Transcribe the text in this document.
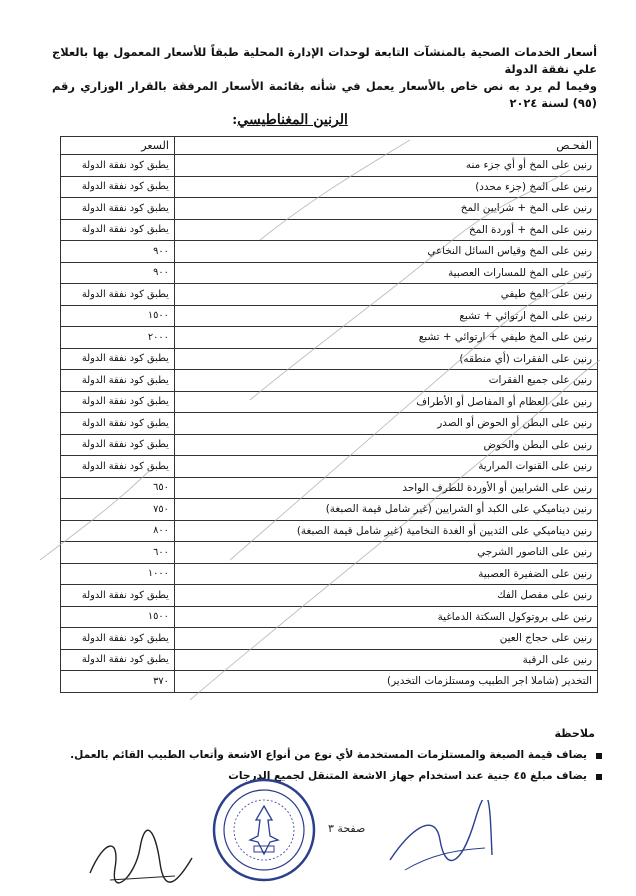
أسعار الخدمات الصحية بالمنشآت التابعة لوحدات الإدارة المحلية طبقاً للأسعار المعمول بها بالعلاج علي نفقة الدولة

وفيما لم يرد به نص خاص بالأسعار يعمل في شأنه بقائمة الأسعار المرفقة بالقرار الوزاري رقم (٩٥) لسنة ٢٠٢٤

الرنين المغناطيسي:
الفحـص	السعر
رنين على المخ أو أي جزء منه	يطبق كود نفقة الدولة
رنين على المخ (جزء محدد)	يطبق كود نفقة الدولة
رنين على المخ + شرايين المخ	يطبق كود نفقة الدولة
رنين على المخ + أوردة المخ	يطبق كود نفقة الدولة
رنين على المخ وقياس السائل النخاعي	٩٠٠
رنين على المخ للمسارات العصبية	٩٠٠
رنين على المخ طيفي	يطبق كود نفقة الدولة
رنين على المخ ارتوائي + تشبع	١٥٠٠
رنين على المخ طيفي + ارتوائي + تشبع	٢٠٠٠
رنين على الفقرات (أي منطقه)	يطبق كود نفقة الدولة
رنين على جميع الفقرات	يطبق كود نفقة الدولة
رنين على العظام أو المفاصل أو الأطراف	يطبق كود نفقة الدولة
رنين على البطن أو الحوض أو الصدر	يطبق كود نفقة الدولة
رنين على البطن والحوض	يطبق كود نفقة الدولة
رنين على القنوات المرارية	يطبق كود نفقة الدولة
رنين على الشرايين أو الأوردة للطرف الواحد	٦٥٠
رنين ديناميكي على الكبد أو الشرايين (غير شامل قيمة الصبغة)	٧٥٠
رنين ديناميكي على الثديين أو الغدة النخامية (غير شامل قيمة الصبغة)	٨٠٠
رنين على الناصور الشرجي	٦٠٠
رنين على الضفيرة العصبية	١٠٠٠
رنين على مفصل الفك	يطبق كود نفقة الدولة
رنين على بروتوكول السكتة الدماغية	١٥٠٠
رنين على حجاج العين	يطبق كود نفقة الدولة
رنين على الرقبة	يطبق كود نفقة الدولة
التخدير (شاملا اجر الطبيب ومستلزمات التخدير)	٣٧٠
ملاحظة
يضاف قيمة الصبغة والمستلزمات المستخدمة لأي نوع من أنواع الاشعة وأتعاب الطبيب القائم بالعمل.
يضاف مبلغ ٤٥ جنية عند استخدام جهاز الاشعة المتنقل لجميع الدرجات
صفحة ٣
